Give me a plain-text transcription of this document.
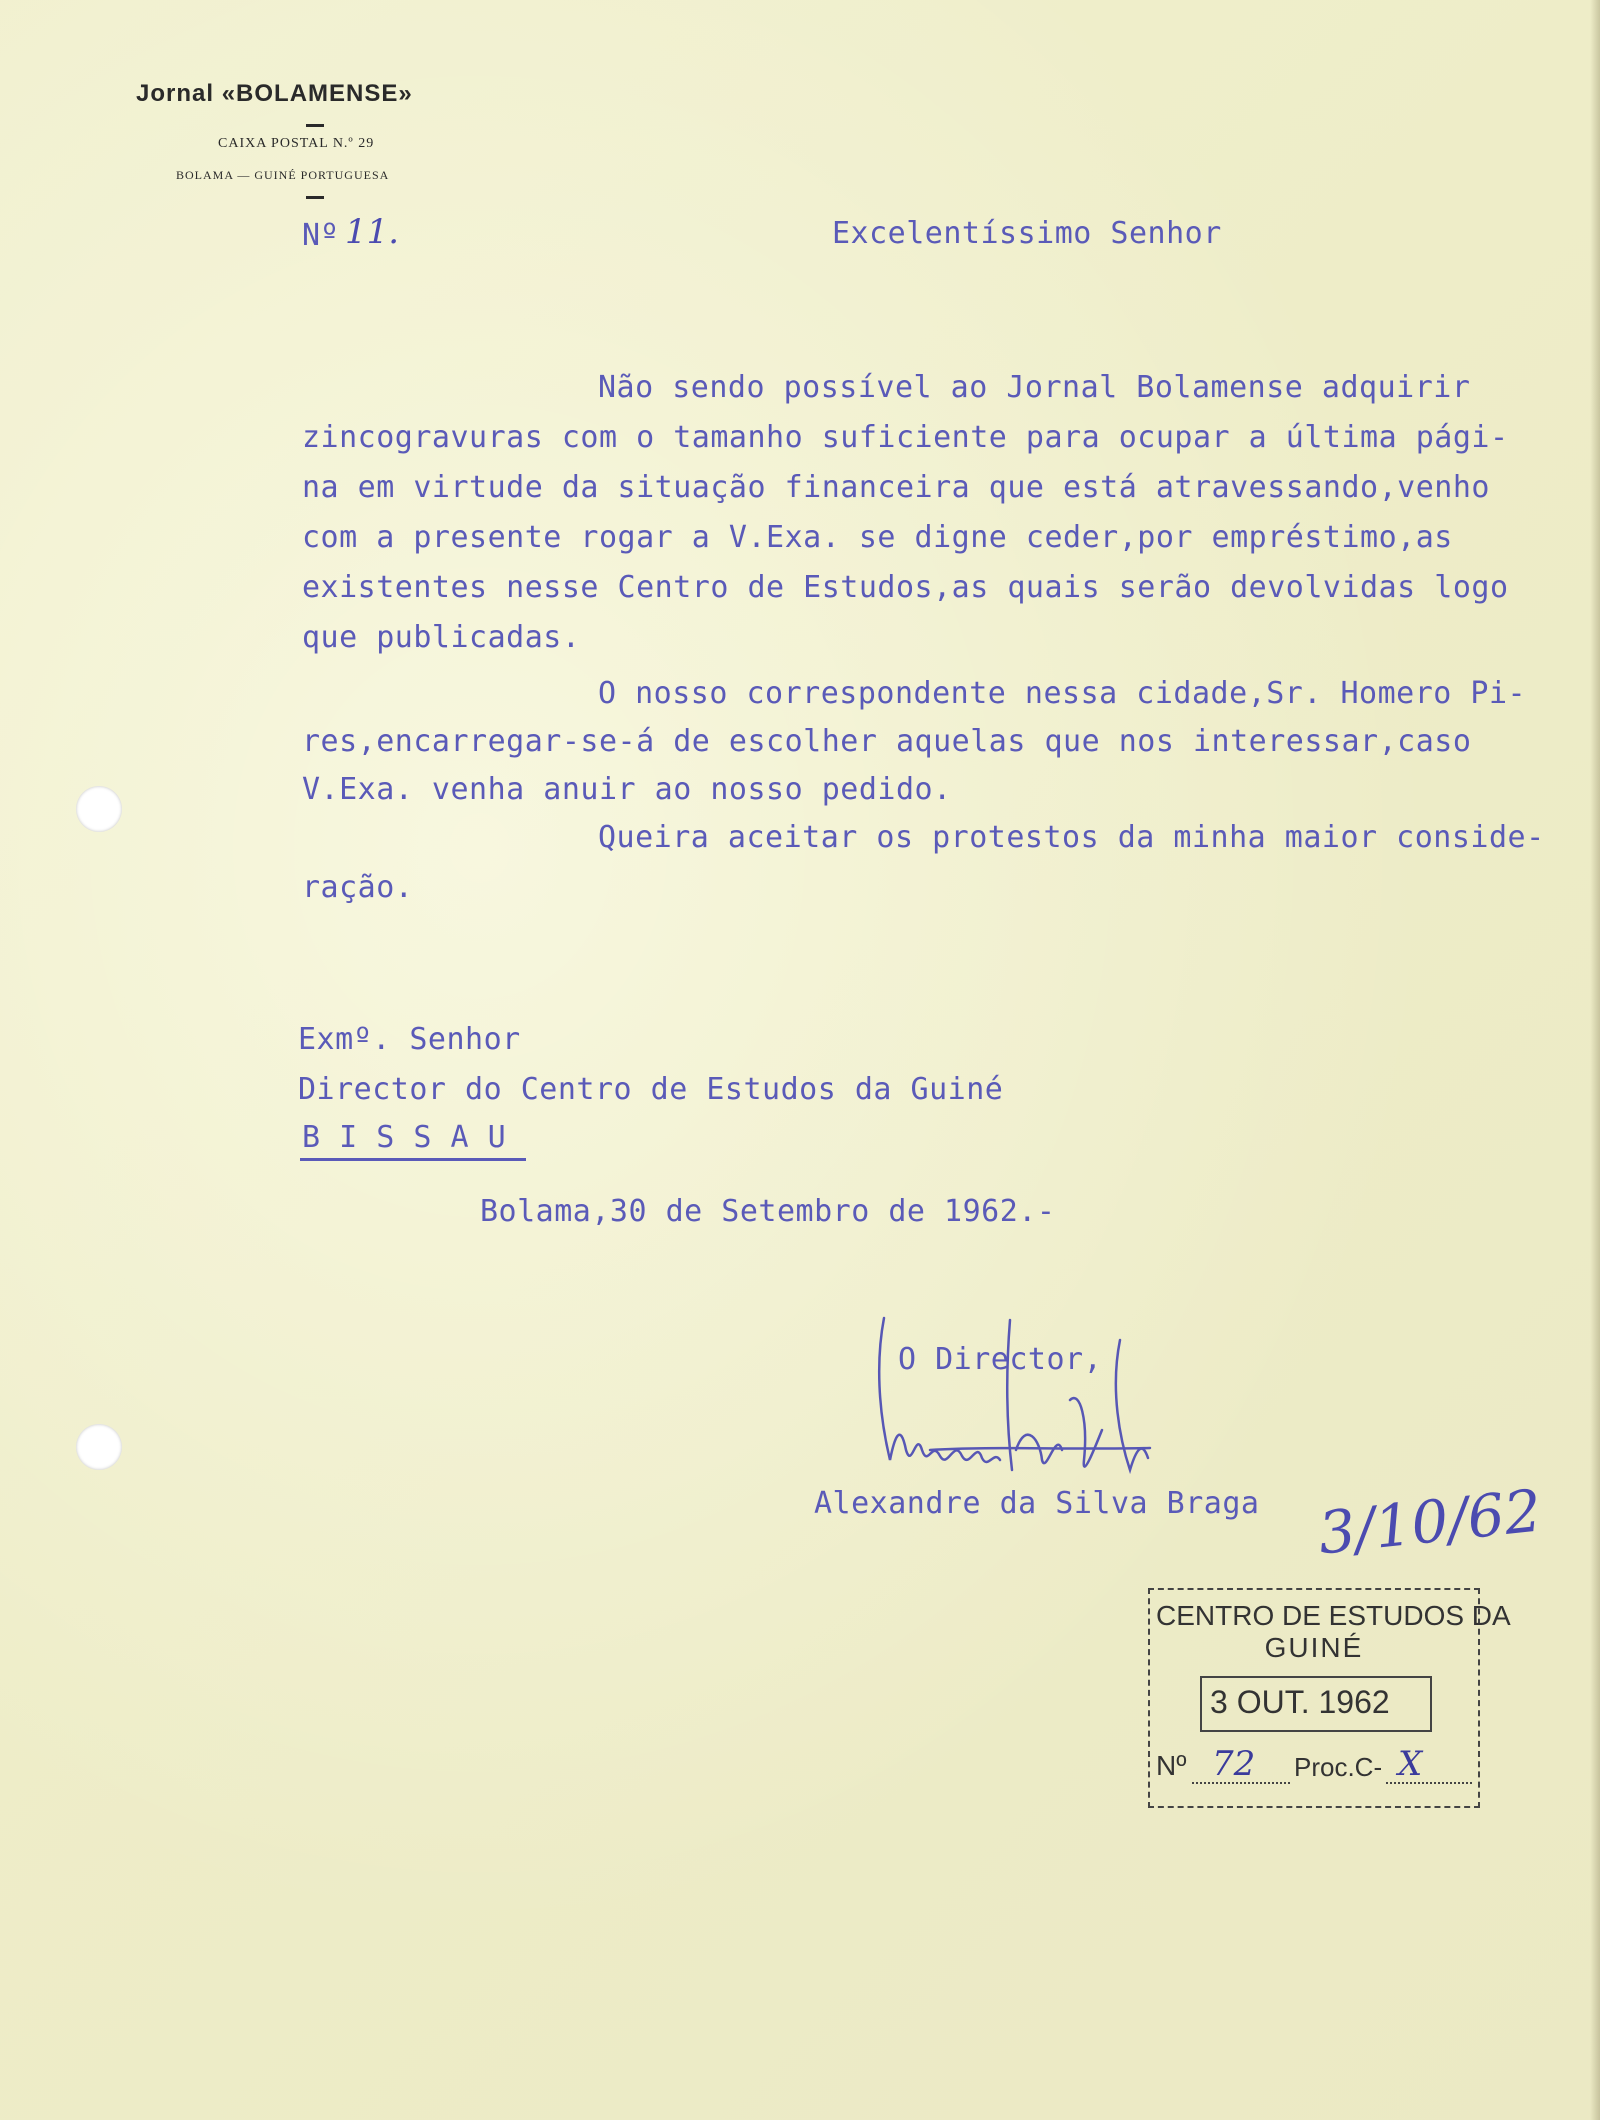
Jornal «BOLAMENSE»
CAIXA POSTAL N.º 29
BOLAMA — GUINÉ PORTUGUESA
Nº 11.	Excelentíssimo Senhor
Não sendo possível ao Jornal Bolamense adquirir
zincogravuras com o tamanho suficiente para ocupar a última pági-
na em virtude da situação financeira que está atravessando,venho
com a presente rogar a V.Exa. se digne ceder,por empréstimo,as
existentes nesse Centro de Estudos,as quais serão devolvidas logo
que publicadas.
O nosso correspondente nessa cidade,Sr. Homero Pi-
res,encarregar-se-á de escolher aquelas que nos interessar,caso
V.Exa. venha anuir ao nosso pedido.
Queira aceitar os protestos da minha maior conside-
ração.
Exmº. Senhor
Director do Centro de Estudos da Guiné
B I S S A U
Bolama,30 de Setembro de 1962.-
O Director,
Alexandre da Silva Braga 3/10/62
CENTRO DE ESTUDOS DA
GUINÉ
3 OUT. 1962
Nº 72 Proc.C- X
